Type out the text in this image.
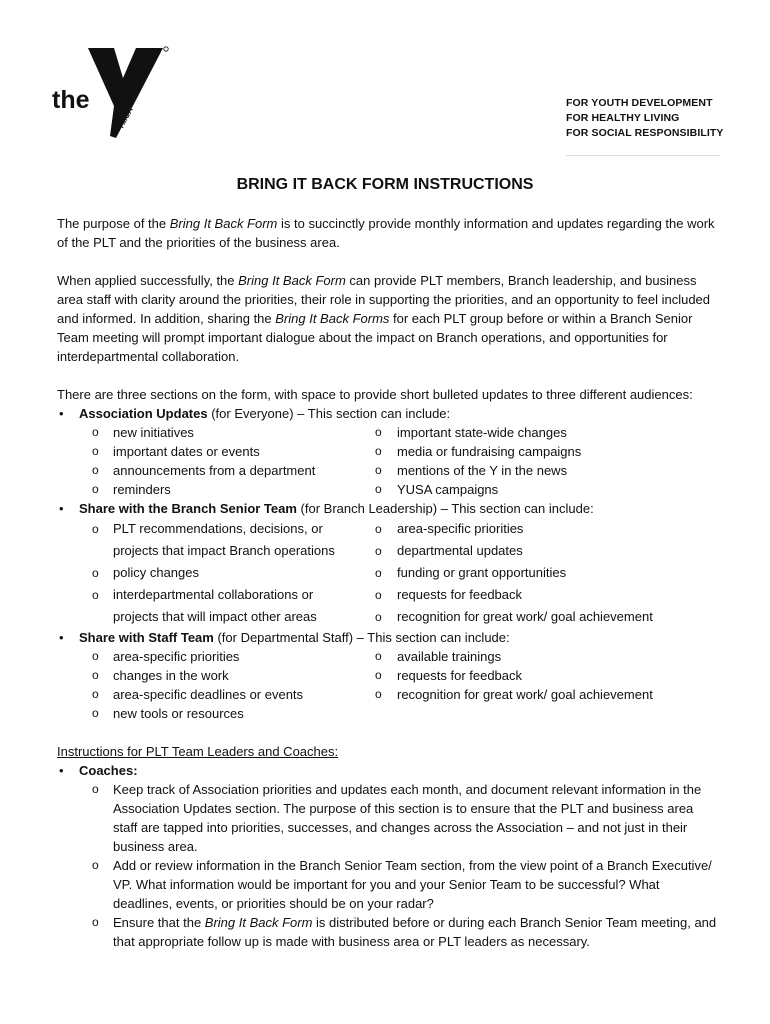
the
YMCA
FOR YOUTH DEVELOPMENT
FOR HEALTHY LIVING
FOR SOCIAL RESPONSIBILITY
BRING IT BACK FORM INSTRUCTIONS

The purpose of the Bring It Back Form is to succinctly provide monthly information and updates regarding the work of the PLT and the priorities of the business area.

When applied successfully, the Bring It Back Form can provide PLT members, Branch leadership, and business area staff with clarity around the priorities, their role in supporting the priorities, and an opportunity to feel included and informed. In addition, sharing the Bring It Back Forms for each PLT group before or within a Branch Senior Team meeting will prompt important dialogue about the impact on Branch operations, and opportunities for interdepartmental collaboration.

There are three sections on the form, with space to provide short bulleted updates to three different audiences:

• Association Updates (for Everyone) – This section can include:
o new initiatives	o important state-wide changes
o important dates or events	o media or fundraising campaigns
o announcements from a department	o mentions of the Y in the news
o reminders	o YUSA campaigns
• Share with the Branch Senior Team (for Branch Leadership) – This section can include:
o PLT recommendations, decisions, or	o area-specific priorities
projects that impact Branch operations	o departmental updates
o policy changes	o funding or grant opportunities
o interdepartmental collaborations or	o requests for feedback
projects that will impact other areas	o recognition for great work/ goal achievement
• Share with Staff Team (for Departmental Staff) – This section can include:
o area-specific priorities	o available trainings
o changes in the work	o requests for feedback
o area-specific deadlines or events	o recognition for great work/ goal achievement
o new tools or resources

Instructions for PLT Team Leaders and Coaches:

• Coaches:
o Keep track of Association priorities and updates each month, and document relevant information in the Association Updates section. The purpose of this section is to ensure that the PLT and business area staff are tapped into priorities, successes, and changes across the Association – and not just in their business area.
o Add or review information in the Branch Senior Team section, from the view point of a Branch Executive/ VP. What information would be important for you and your Senior Team to be successful? What deadlines, events, or priorities should be on your radar?
o Ensure that the Bring It Back Form is distributed before or during each Branch Senior Team meeting, and that appropriate follow up is made with business area or PLT leaders as necessary.
